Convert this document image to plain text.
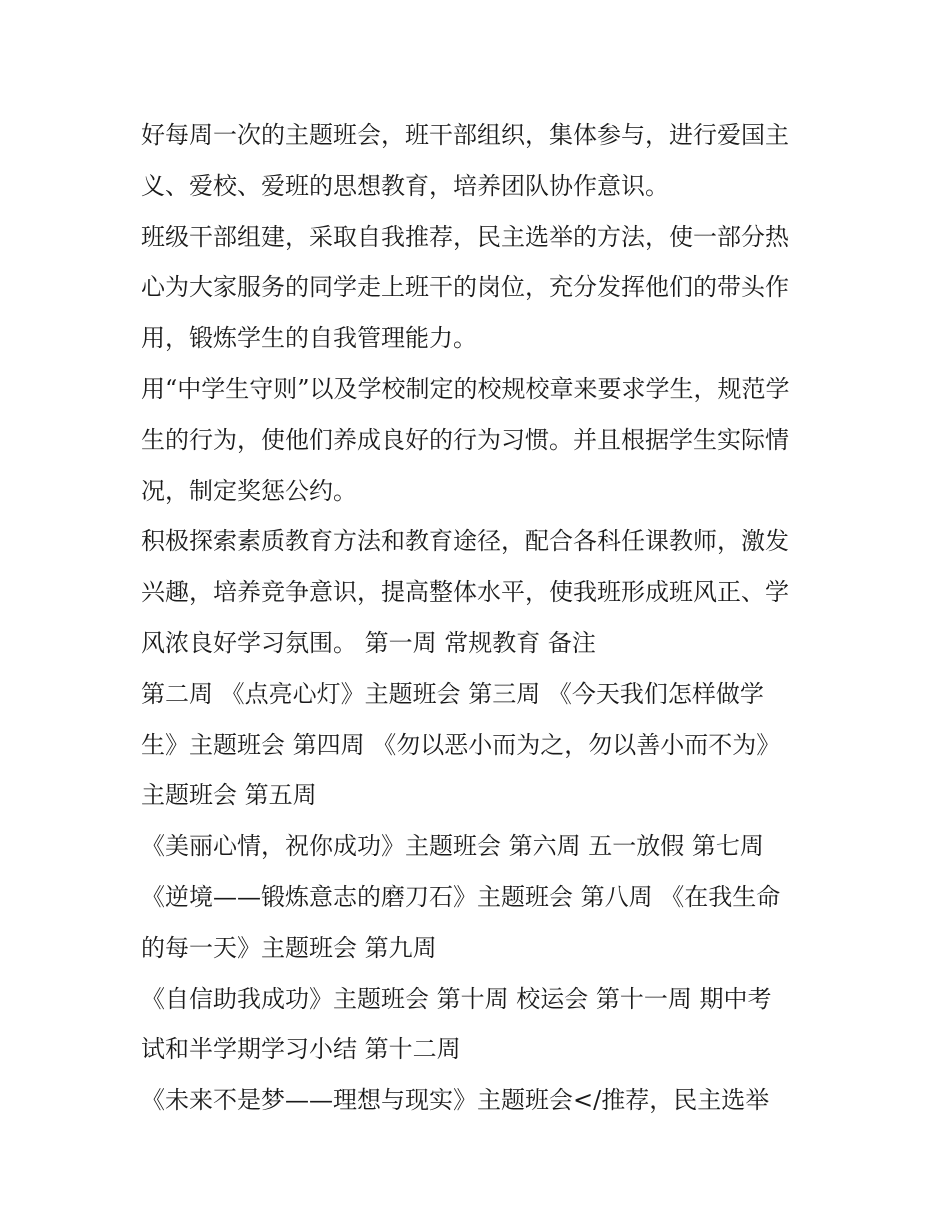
好每周一次的主题班会，班干部组织，集体参与，进行爱国主
义、爱校、爱班的思想教育，培养团队协作意识。
班级干部组建，采取自我推荐，民主选举的方法，使一部分热
心为大家服务的同学走上班干的岗位，充分发挥他们的带头作
用，锻炼学生的自我管理能力。
用“中学生守则”以及学校制定的校规校章来要求学生，规范学
生的行为，使他们养成良好的行为习惯。并且根据学生实际情
况，制定奖惩公约。
积极探索素质教育方法和教育途径，配合各科任课教师，激发
兴趣，培养竞争意识，提高整体水平，使我班形成班风正、学
风浓良好学习氛围。 第一周 常规教育 备注
第二周 《点亮心灯》主题班会 第三周 《今天我们怎样做学
生》主题班会 第四周 《勿以恶小而为之，勿以善小而不为》
主题班会 第五周
《美丽心情，祝你成功》主题班会 第六周 五一放假 第七周
《逆境——锻炼意志的磨刀石》主题班会 第八周 《在我生命
的每一天》主题班会 第九周
《自信助我成功》主题班会 第十周 校运会 第十一周 期中考
试和半学期学习小结 第十二周
《未来不是梦——理想与现实》主题班会</推荐，民主选举
